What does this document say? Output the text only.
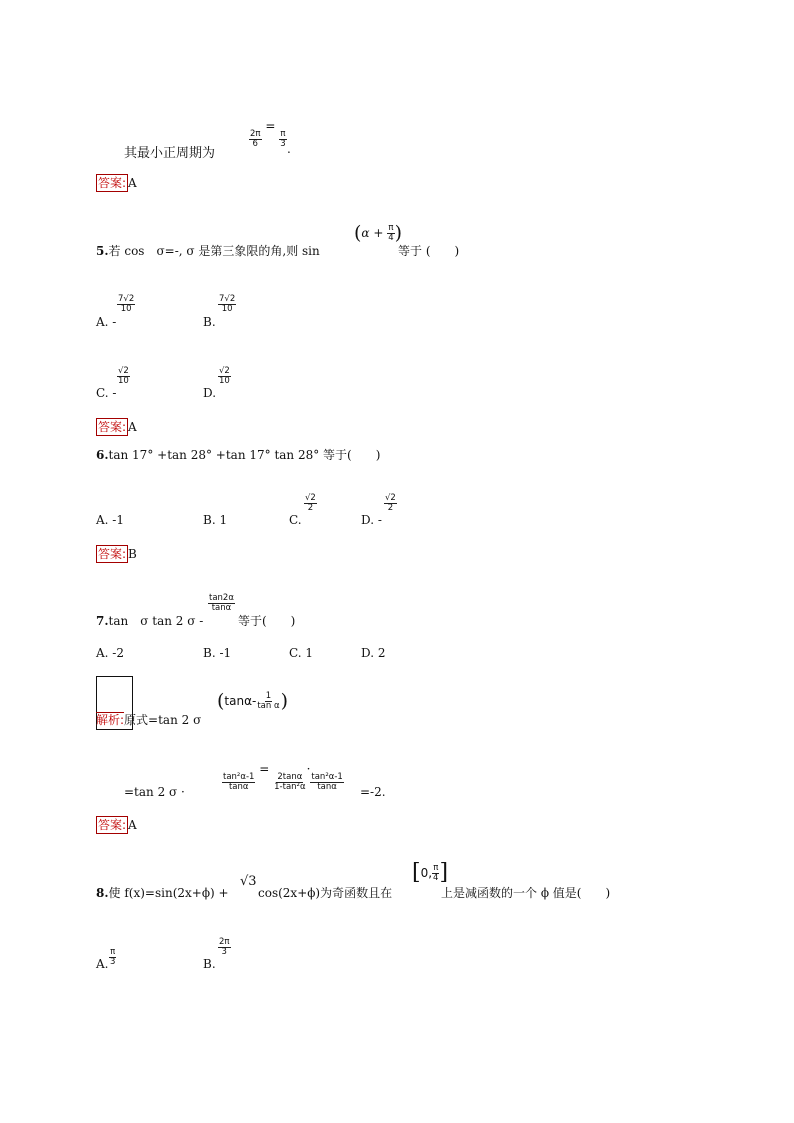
其最小正周期为
$\frac{2\pi}{6}$
=
$\frac{\pi}{3}$
.
答案: A
5.若 cos　σ=-, σ 是第三象限的角,则 sin
($\alpha + \frac{\pi}{4}$ )
等于 (　　)
A. -
$\frac{7√2}{10}$
B.
$\frac{7√2}{10}$
C. -
$\frac{√2}{10}$
D.
$\frac{√2}{10}$
答案: A
6.tan 17° +tan 28° +tan 17° tan 28° 等于(　　)
A. -1	B. 1	C.
$\frac{√2}{2}$
D. -
$\frac{√2}{2}$
答案: B
7.tan　σ tan 2 σ -
$\frac{\tan 2\alpha}{\tan\alpha}$
等于(　　)
A. -2	B. -1	C. 1	D. 2
解析:原式=tan 2 σ
($\tan\alpha- \frac{1}{\text{tan α}}$ )
=tan 2 σ ·
$\frac{\text{tan²α-1}}{\tan\alpha}$
=
$\frac{2\tan\alpha}{\text{1-tan²α}}$
·
$\frac{\text{tan²α-1}}{\tan\alpha}$
=-2.
答案: A
8.使 f(x)=sin(2x+ϕ) +
√3
cos(2x+ϕ)为奇函数且在
[0, $\frac{\pi}{4}$ ]
上是减函数的一个 ϕ 值是(　　)
A. $\frac{\pi}{3}$	B.
$\frac{2\pi}{3}$
